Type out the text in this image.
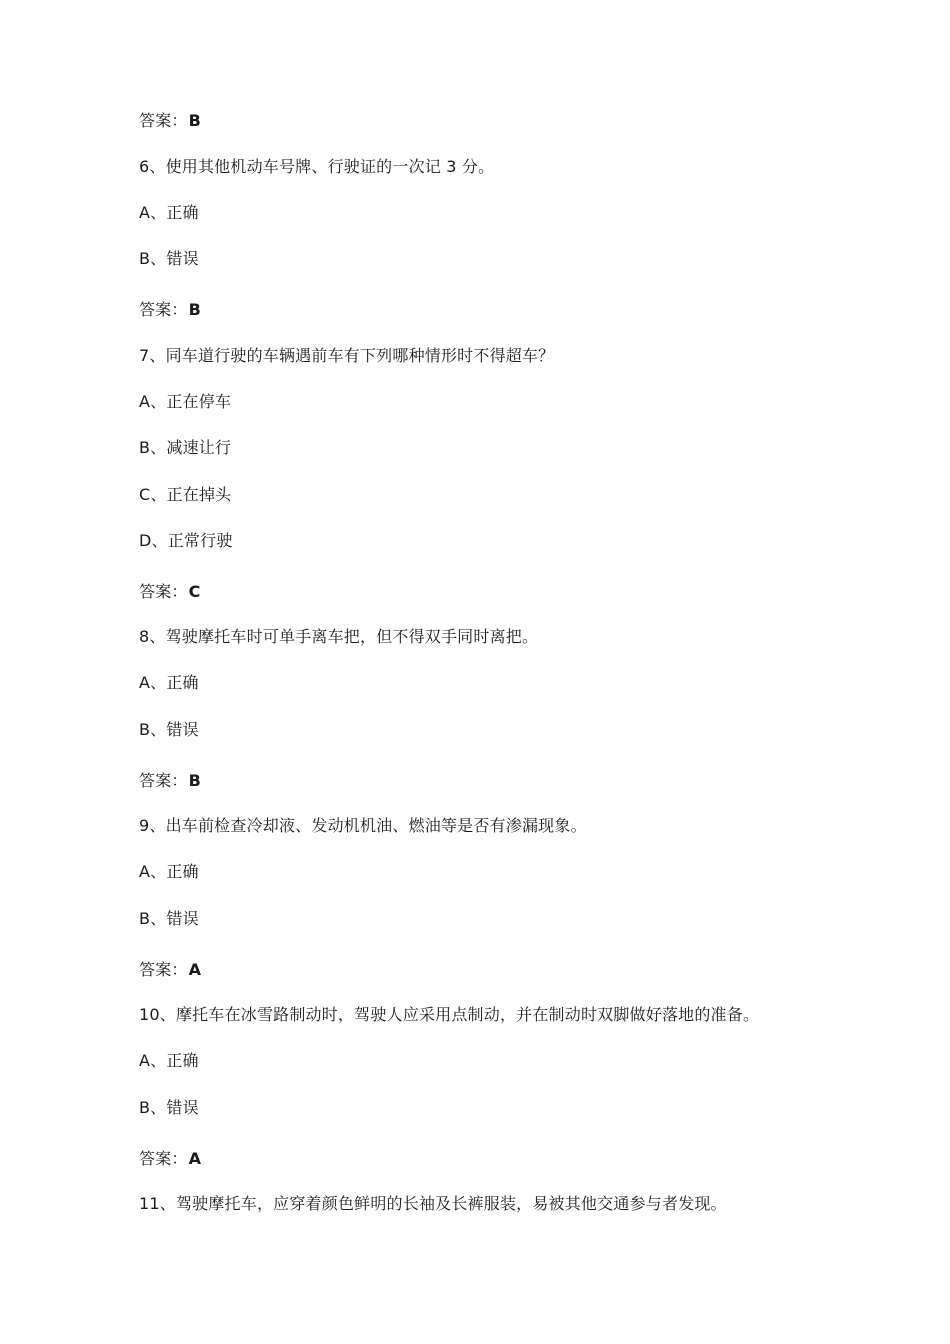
答案：B
6、使用其他机动车号牌、行驶证的一次记 3 分。
A、正确
B、错误
答案：B
7、同车道行驶的车辆遇前车有下列哪种情形时不得超车？
A、正在停车
B、减速让行
C、正在掉头
D、正常行驶
答案：C
8、驾驶摩托车时可单手离车把，但不得双手同时离把。
A、正确
B、错误
答案：B
9、出车前检查冷却液、发动机机油、燃油等是否有渗漏现象。
A、正确
B、错误
答案：A
10、摩托车在冰雪路制动时，驾驶人应采用点制动，并在制动时双脚做好落地的准备。
A、正确
B、错误
答案：A
11、驾驶摩托车，应穿着颜色鲜明的长袖及长裤服装，易被其他交通参与者发现。
